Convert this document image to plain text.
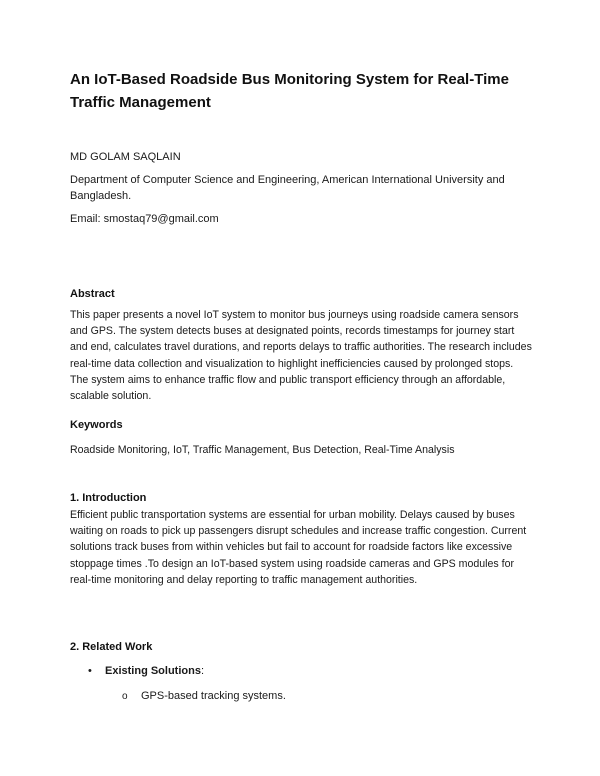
An IoT-Based Roadside Bus Monitoring System for Real-Time Traffic Management
MD GOLAM SAQLAIN
Department of Computer Science and Engineering, American International University and Bangladesh.
Email: smostaq79@gmail.com
Abstract

This paper presents a novel IoT system to monitor bus journeys using roadside camera sensors and GPS. The system detects buses at designated points, records timestamps for journey start and end, calculates travel durations, and reports delays to traffic authorities. The research includes real-time data collection and visualization to highlight inefficiencies caused by prolonged stops. The system aims to enhance traffic flow and public transport efficiency through an affordable, scalable solution.

Keywords

Roadside Monitoring, IoT, Traffic Management, Bus Detection, Real-Time Analysis

1. Introduction

Efficient public transportation systems are essential for urban mobility. Delays caused by buses waiting on roads to pick up passengers disrupt schedules and increase traffic congestion. Current solutions track buses from within vehicles but fail to account for roadside factors like excessive stoppage times .To design an IoT-based system using roadside cameras and GPS modules for real-time monitoring and delay reporting to traffic management authorities.

2. Related Work
• Existing Solutions:
o GPS-based tracking systems.
